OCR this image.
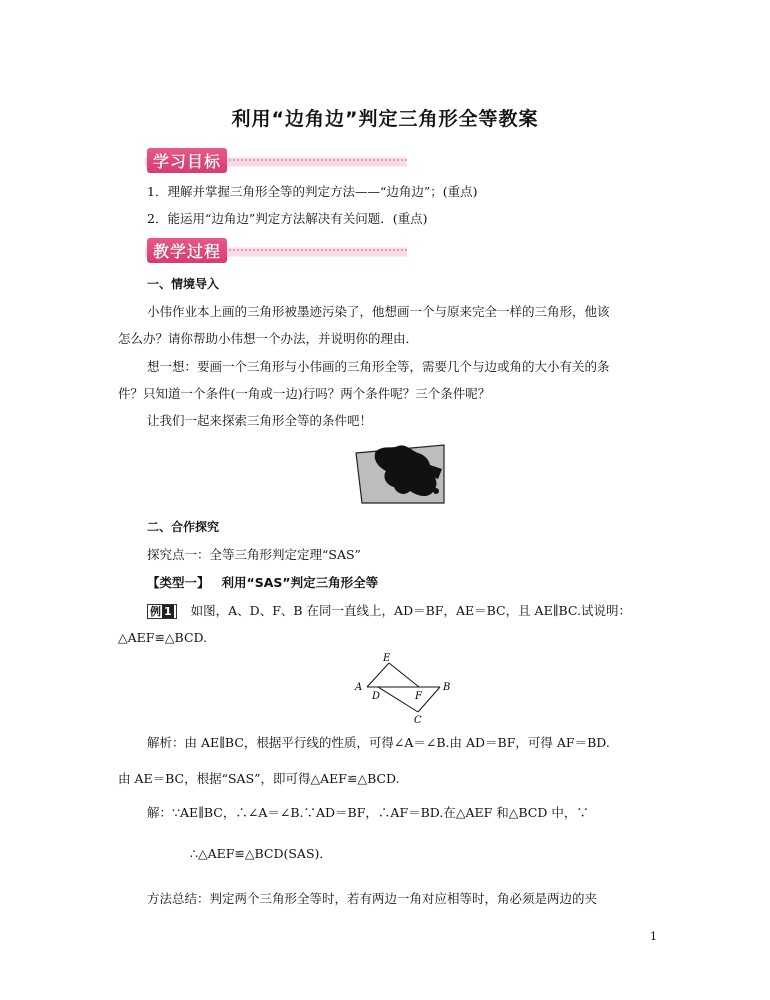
利用“边角边”判定三角形全等教案
学习目标
1．理解并掌握三角形全等的判定方法——“边角边”；(重点)
2．能运用“边角边”判定方法解决有关问题．(重点)
教学过程
一、情境导入
小伟作业本上画的三角形被墨迹污染了，他想画一个与原来完全一样的三角形，他该
怎么办？请你帮助小伟想一个办法，并说明你的理由．
想一想：要画一个三角形与小伟画的三角形全等，需要几个与边或角的大小有关的条
件？只知道一个条件(一角或一边)行吗？两个条件呢？三个条件呢？
让我们一起来探索三角形全等的条件吧！
二、合作探究
探究点一：全等三角形判定定理“SAS”
【类型一】 利用“SAS”判定三角形全等
例 1 如图，A、D、F、B 在同一直线上，AD＝BF，AE＝BC，且 AE∥BC.试说明：
△AEF≌△BCD.
E
A
D	F
B
C
解析：由 AE∥BC，根据平行线的性质，可得∠A＝∠B.由 AD＝BF，可得 AF＝BD.
由 AE＝BC，根据“SAS”，即可得△AEF≌△BCD.
解：∵AE∥BC，∴∠A＝∠B.∵AD＝BF，∴AF＝BD.在△AEF 和△BCD 中，∵
∴△AEF≌△BCD(SAS)．
方法总结：判定两个三角形全等时，若有两边一角对应相等时，角必须是两边的夹
1
